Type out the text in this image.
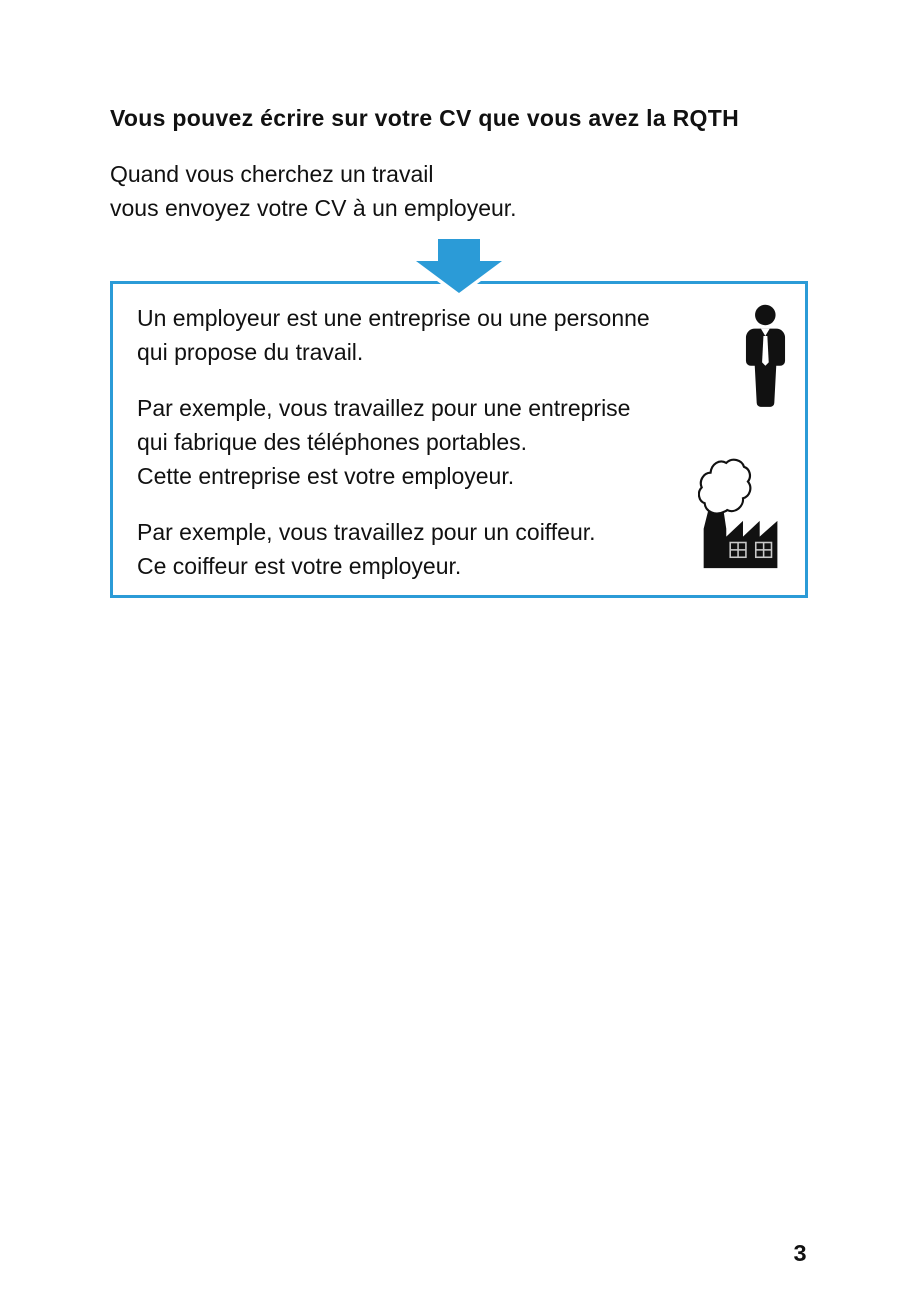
Vous pouvez écrire sur votre CV que vous avez la RQTH
Quand vous cherchez un travail
vous envoyez votre CV à un employeur.
Un employeur est une entreprise ou une personne
qui propose du travail.
Par exemple, vous travaillez pour une entreprise
qui fabrique des téléphones portables.
Cette entreprise est votre employeur.
Par exemple, vous travaillez pour un coiffeur.
Ce coiffeur est votre employeur.
3
